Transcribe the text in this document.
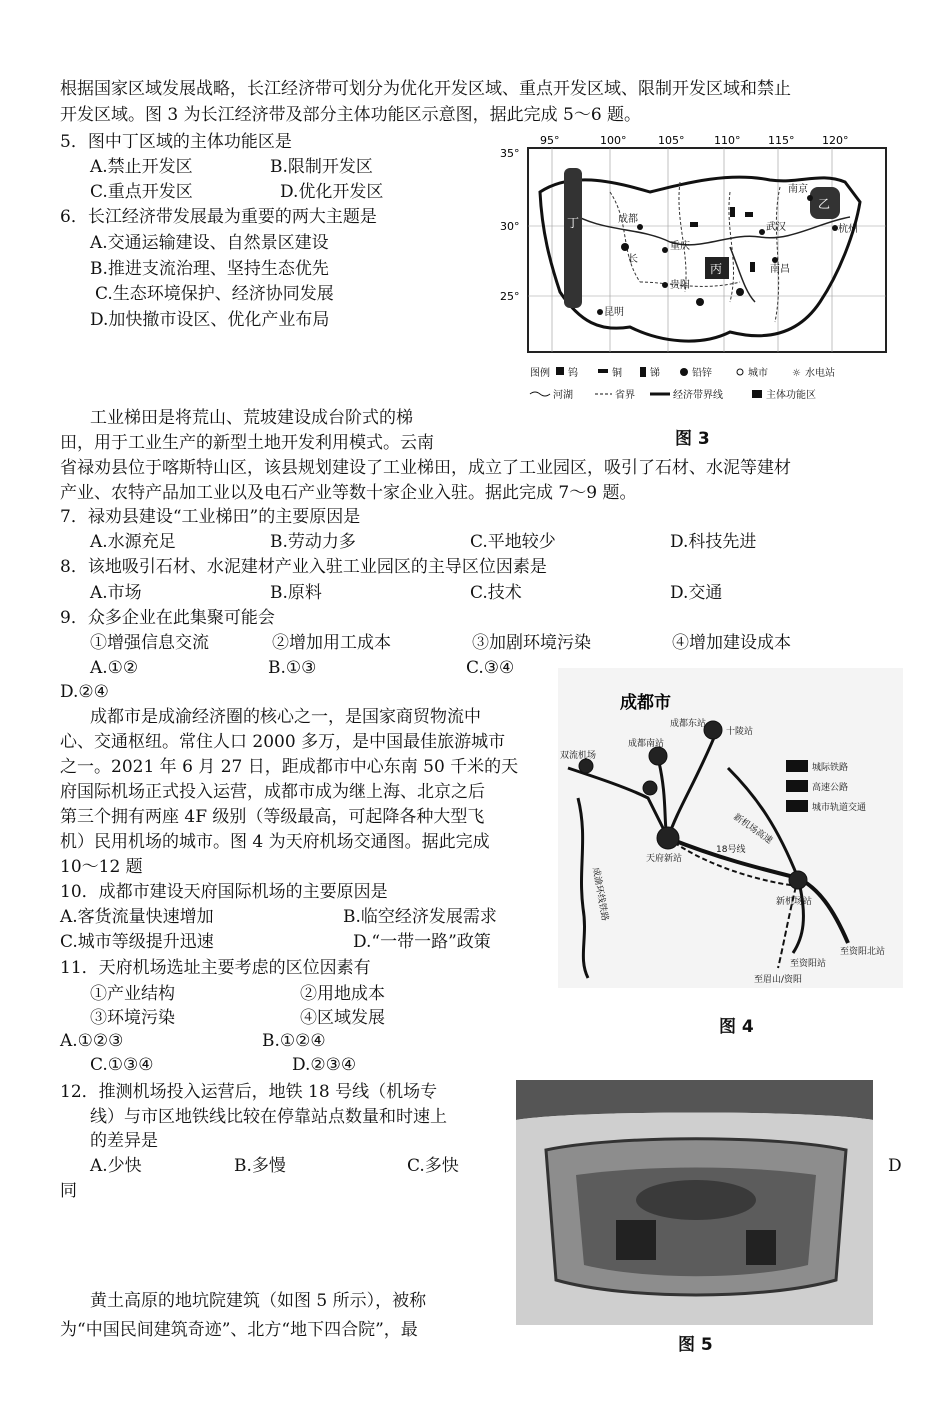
根据国家区域发展战略，长江经济带可划分为优化开发区域、重点开发区域、限制开发区域和禁止
开发区域。图 3 为长江经济带及部分主体功能区示意图，据此完成 5～6 题。
5．图中丁区域的主体功能区是
A.禁止开发区	B.限制开发区
C.重点开发区	D.优化开发区
6．长江经济带发展最为重要的两大主题是
A.交通运输建设、自然景区建设
B.推进支流治理、坚持生态优先
C.生态环境保护、经济协同发展
D.加快撤市设区、优化产业布局
95°	100°	105°	110°	115°	120°
35°
30°
25°
丁
丙
乙
成都
武汉
南京
杭州
重庆
贵阳
昆明
南昌
长
图例 钨	铜	锑	铅锌	城市 ☼ 水电站
河湖	省界	经济带界线	主体功能区
图 3
工业梯田是将荒山、荒坡建设成台阶式的梯
田，用于工业生产的新型土地开发利用模式。云南
省禄劝县位于喀斯特山区，该县规划建设了工业梯田，成立了工业园区，吸引了石材、水泥等建材
产业、农特产品加工业以及电石产业等数十家企业入驻。据此完成 7～9 题。
7．禄劝县建设“工业梯田”的主要原因是
A.水源充足	B.劳动力多	C.平地较少	D.科技先进
8．该地吸引石材、水泥建材产业入驻工业园区的主导区位因素是
A.市场	B.原料	C.技术	D.交通
9．众多企业在此集聚可能会
①增强信息交流	②增加用工成本	③加剧环境污染	④增加建设成本
A.①②	B.①③	C.③④
D.②④
成都市是成渝经济圈的核心之一，是国家商贸物流中
心、交通枢纽。常住人口 2000 多万，是中国最佳旅游城市
之一。2021 年 6 月 27 日，距成都市中心东南 50 千米的天
府国际机场正式投入运营，成都市成为继上海、北京之后
第三个拥有两座 4F 级别（等级最高，可起降各种大型飞
机）民用机场的城市。图 4 为天府机场交通图。据此完成
10～12 题
成都市
成都东站
成都南站
十陵站
双流机场
天府新站
新机场站
至资阳北站
至资阳站
至眉山/资阳
18号线
新机场高速
成渝环线铁路
城际铁路
高速公路
城市轨道交通
图 4
10．成都市建设天府国际机场的主要原因是
A.客货流量快速增加	B.临空经济发展需求
C.城市等级提升迅速	D.“一带一路”政策
11．天府机场选址主要考虑的区位因素有
①产业结构	②用地成本
③环境污染	④区域发展
A.①②③	B.①②④
C.①③④	D.②③④
12．推测机场投入运营后，地铁 18 号线（机场专
线）与市区地铁线比较在停靠站点数量和时速上
的差异是
A.少快	B.多慢	C.多快	D
同
图 5
黄土高原的地坑院建筑（如图 5 所示），被称
为“中国民间建筑奇迹”、北方“地下四合院”，最
